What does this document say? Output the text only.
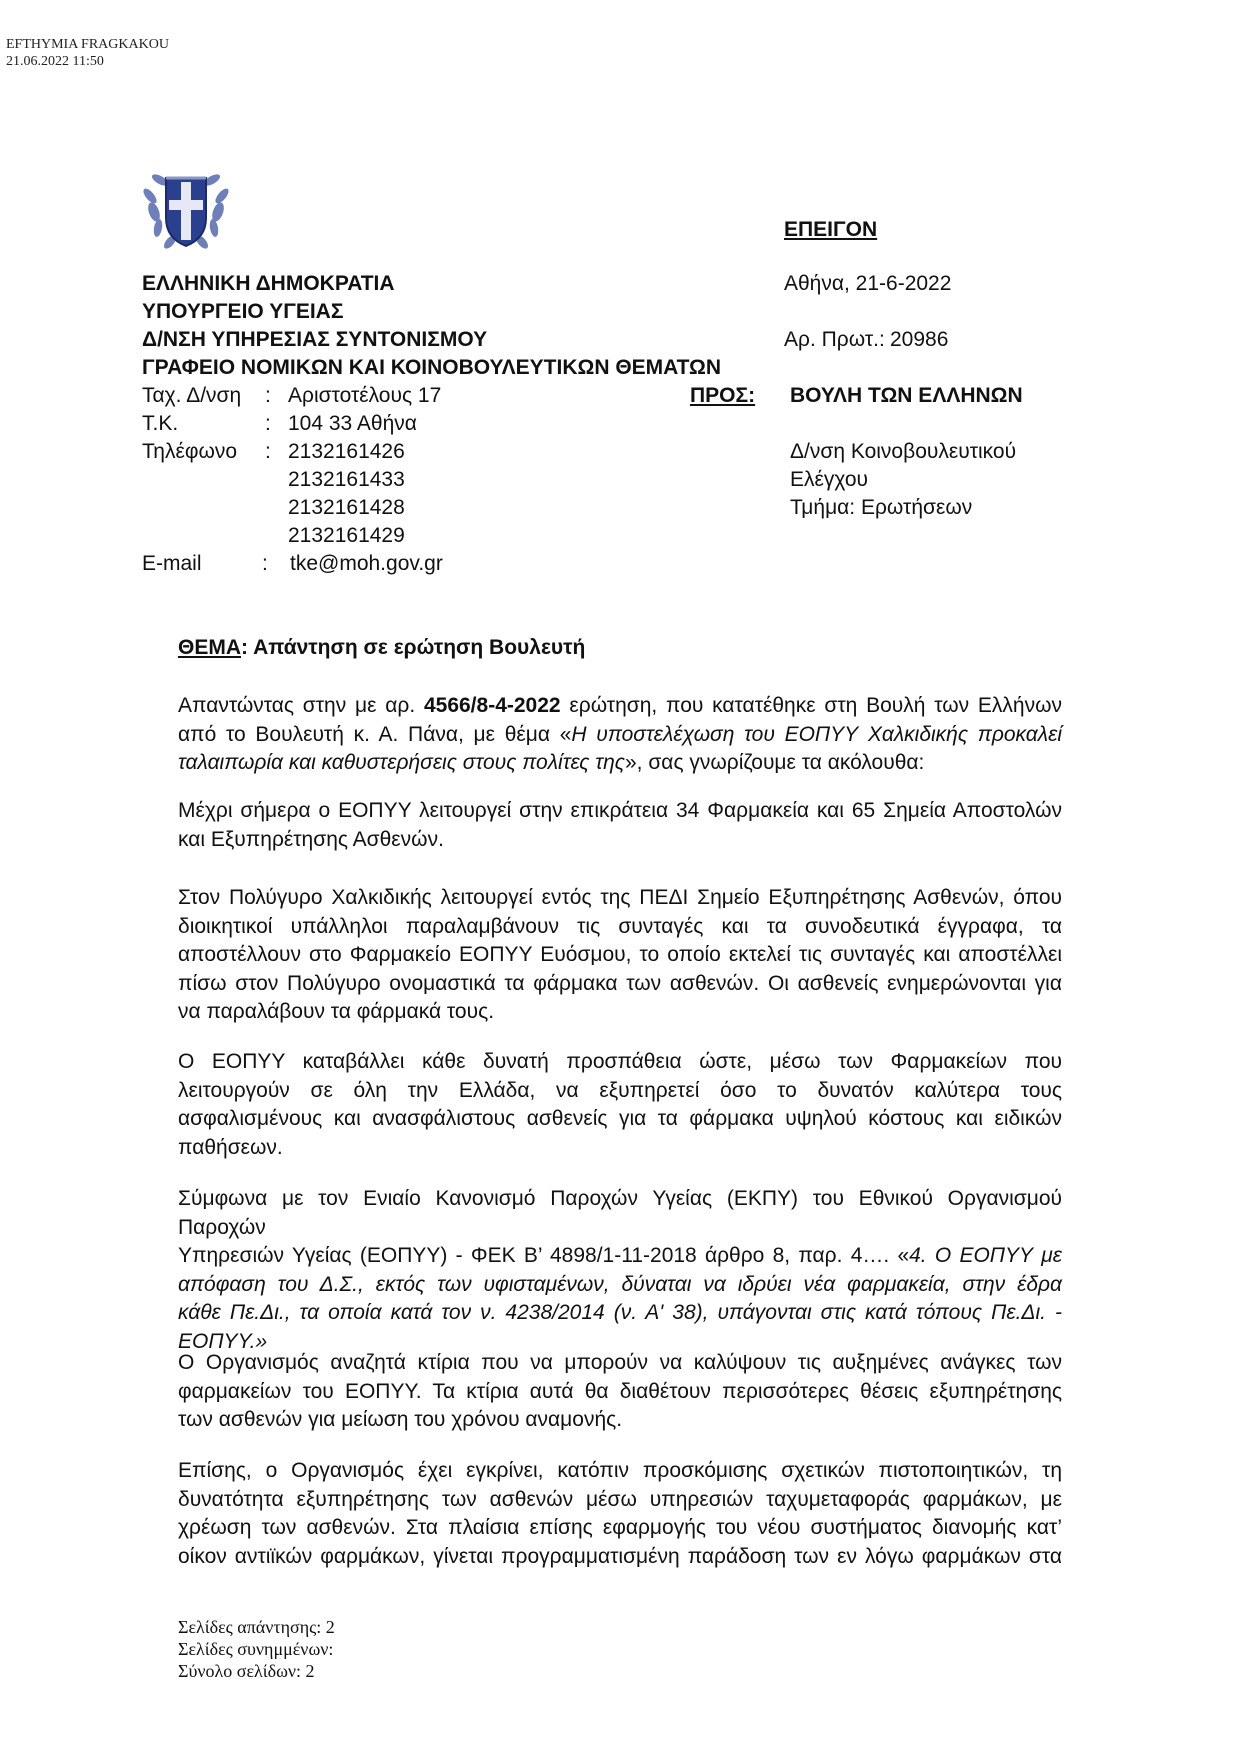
EFTHYMIA FRAGKAKOU
21.06.2022 11:50
ΕΠΕΙΓΟΝ
Αθήνα, 21-6-2022
Αρ. Πρωτ.: 20986
ΕΛΛΗΝΙΚΗ ΔΗΜΟΚΡΑΤΙΑ
ΥΠΟΥΡΓΕΙΟ ΥΓΕΙΑΣ
Δ/ΝΣΗ ΥΠΗΡΕΣΙΑΣ ΣΥΝΤΟΝΙΣΜΟΥ
ΓΡΑΦΕΙΟ ΝΟΜΙΚΩΝ ΚΑΙ ΚΟΙΝΟΒΟΥΛΕΥΤΙΚΩΝ ΘΕΜΑΤΩΝ
Ταχ. Δ/νση : Αριστοτέλους 17
Τ.Κ.	: 104 33 Αθήνα
Τηλέφωνο : 2132161426
2132161433
2132161428
2132161429
E-mail	: tke@moh.gov.gr
ΠΡΟΣ: ΒΟΥΛΗ ΤΩΝ ΕΛΛΗΝΩΝ
Δ/νση Κοινοβουλευτικού
Ελέγχου
Τμήμα: Ερωτήσεων
ΘΕΜΑ: Απάντηση σε ερώτηση Βουλευτή
Απαντώντας στην με αρ. 4566/8-4-2022 ερώτηση, που κατατέθηκε στη Βουλή των Ελλήνων
από το Βουλευτή κ. Α. Πάνα, με θέμα «Η υποστελέχωση του ΕΟΠΥΥ Χαλκιδικής προκαλεί
ταλαιπωρία και καθυστερήσεις στους πολίτες της», σας γνωρίζουμε τα ακόλουθα:
Μέχρι σήμερα ο ΕΟΠΥΥ λειτουργεί στην επικράτεια 34 Φαρμακεία και 65 Σημεία Αποστολών
και Εξυπηρέτησης Ασθενών.
Στον Πολύγυρο Χαλκιδικής λειτουργεί εντός της ΠΕΔΙ Σημείο Εξυπηρέτησης Ασθενών, όπου
διοικητικοί υπάλληλοι παραλαμβάνουν τις συνταγές και τα συνοδευτικά έγγραφα, τα
αποστέλλουν στο Φαρμακείο ΕΟΠΥΥ Ευόσμου, το οποίο εκτελεί τις συνταγές και αποστέλλει
πίσω στον Πολύγυρο ονομαστικά τα φάρμακα των ασθενών. Οι ασθενείς ενημερώνονται για
να παραλάβουν τα φάρμακά τους.
Ο ΕΟΠΥΥ καταβάλλει κάθε δυνατή προσπάθεια ώστε, μέσω των Φαρμακείων που
λειτουργούν σε όλη την Ελλάδα, να εξυπηρετεί όσο το δυνατόν καλύτερα τους
ασφαλισμένους και ανασφάλιστους ασθενείς για τα φάρμακα υψηλού κόστους και ειδικών
παθήσεων.
Σύμφωνα με τον Ενιαίο Κανονισμό Παροχών Υγείας (ΕΚΠΥ) του Εθνικού Οργανισμού Παροχών
Υπηρεσιών Υγείας (ΕΟΠΥΥ) - ΦΕΚ Β’ 4898/1-11-2018 άρθρο 8, παρ. 4…. «4. Ο ΕΟΠΥΥ με
απόφαση του Δ.Σ., εκτός των υφισταμένων, δύναται να ιδρύει νέα φαρμακεία, στην έδρα
κάθε Πε.Δι., τα οποία κατά τον ν. 4238/2014 (ν. Α' 38), υπάγονται στις κατά τόπους Πε.Δι. -
ΕΟΠΥΥ.»
Ο Οργανισμός αναζητά κτίρια που να μπορούν να καλύψουν τις αυξημένες ανάγκες των
φαρμακείων του ΕΟΠΥΥ. Τα κτίρια αυτά θα διαθέτουν περισσότερες θέσεις εξυπηρέτησης
των ασθενών για μείωση του χρόνου αναμονής.
Επίσης, ο Οργανισμός έχει εγκρίνει, κατόπιν προσκόμισης σχετικών πιστοποιητικών, τη
δυνατότητα εξυπηρέτησης των ασθενών μέσω υπηρεσιών ταχυμεταφοράς φαρμάκων, με
χρέωση των ασθενών. Στα πλαίσια επίσης εφαρμογής του νέου συστήματος διανομής κατ’
οίκον αντιϊκών φαρμάκων, γίνεται προγραμματισμένη παράδοση των εν λόγω φαρμάκων στα
Σελίδες απάντησης: 2
Σελίδες συνημμένων:
Σύνολο σελίδων: 2
